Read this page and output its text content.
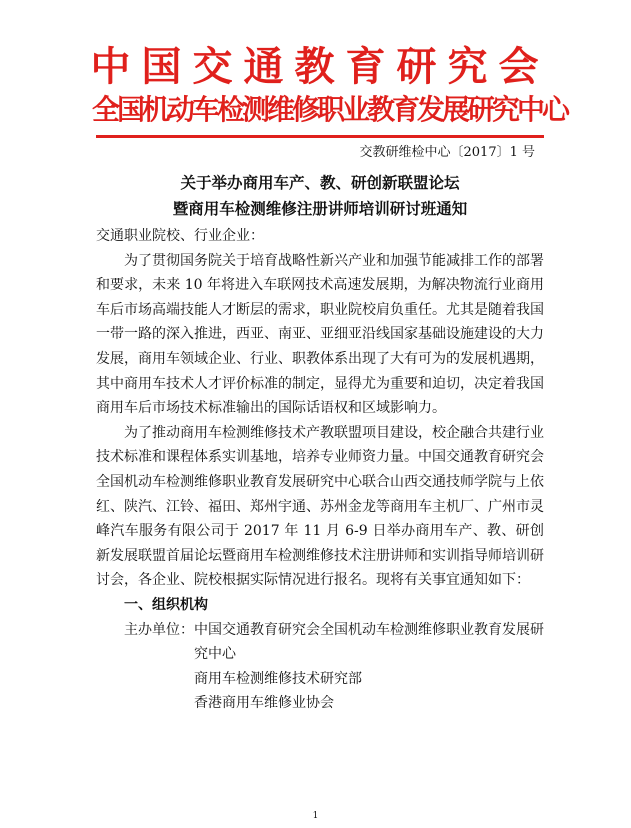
中国交通教育研究会
全国机动车检测维修职业教育发展研究中心
交教研维检中心〔2017〕1 号
关于举办商用车产、教、研创新联盟论坛
暨商用车检测维修注册讲师培训研讨班通知

交通职业院校、行业企业：

为了贯彻国务院关于培育战略性新兴产业和加强节能减排工作的部署和要求，未来 10 年将进入车联网技术高速发展期，为解决物流行业商用车后市场高端技能人才断层的需求，职业院校肩负重任。尤其是随着我国一带一路的深入推进，西亚、南亚、亚细亚沿线国家基础设施建设的大力发展，商用车领域企业、行业、职教体系出现了大有可为的发展机遇期，其中商用车技术人才评价标准的制定，显得尤为重要和迫切，决定着我国商用车后市场技术标准输出的国际话语权和区域影响力。

为了推动商用车检测维修技术产教联盟项目建设，校企融合共建行业技术标准和课程体系实训基地，培养专业师资力量。中国交通教育研究会全国机动车检测维修职业教育发展研究中心联合山西交通技师学院与上依红、陕汽、江铃、福田、郑州宇通、苏州金龙等商用车主机厂、广州市灵峰汽车服务有限公司于 2017 年 11 月 6-9 日举办商用车产、教、研创新发展联盟首届论坛暨商用车检测维修技术注册讲师和实训指导师培训研讨会，各企业、院校根据实际情况进行报名。现将有关事宜通知如下：

一、组织机构

主办单位： 中国交通教育研究会全国机动车检测维修职业教育发展研究中心
商用车检测维修技术研究部
香港商用车维修业协会
1
